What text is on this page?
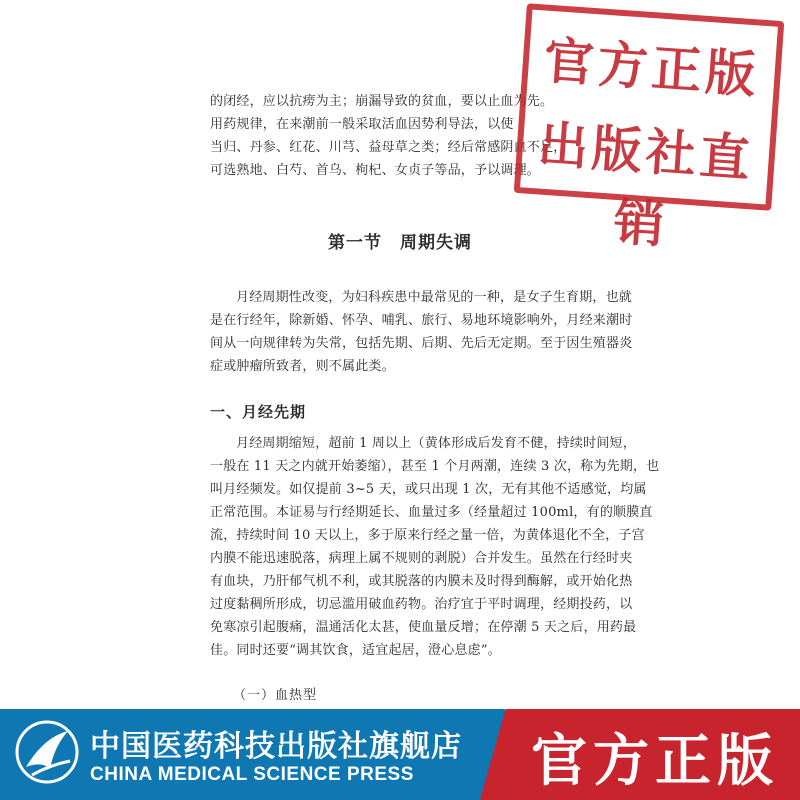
的闭经，应以抗痨为主；崩漏导致的贫血，要以止血为先。
用药规律，在来潮前一般采取活血因势利导法，以使
当归、丹参、红花、川芎、益母草之类；经后常感阴血不足，
可选熟地、白芍、首乌、枸杞、女贞子等品，予以调理。
第一节 周期失调
月经周期性改变，为妇科疾患中最常见的一种，是女子生育期，也就
是在行经年，除新婚、怀孕、哺乳、旅行、易地环境影响外，月经来潮时
间从一向规律转为失常，包括先期、后期、先后无定期。至于因生殖器炎
症或肿瘤所致者，则不属此类。
一、月经先期
月经周期缩短，超前 1 周以上（黄体形成后发育不健，持续时间短，
一般在 11 天之内就开始萎缩），甚至 1 个月两潮，连续 3 次，称为先期，也
叫月经频发。如仅提前 3~5 天，或只出现 1 次，无有其他不适感觉，均属
正常范围。本证易与行经期延长、血量过多（经量超过 100ml，有的顺膜直
流，持续时间 10 天以上，多于原来行经之量一倍，为黄体退化不全，子宫
内膜不能迅速脱落，病理上属不规则的剥脱）合并发生。虽然在行经时夹
有血块，乃肝郁气机不利，或其脱落的内膜未及时得到酶解，或开始化热
过度黏稠所形成，切忌滥用破血药物。治疗宜于平时调理，经期投药，以
免寒凉引起腹痛，温通活化太甚，使血量反增；在停潮 5 天之后，用药最
佳。同时还要“调其饮食，适宜起居，澄心息虑”。
（一）血热型
官方正版
出版社直销
中国医药科技出版社旗舰店
CHINA MEDICAL SCIENCE PRESS 官方正版
